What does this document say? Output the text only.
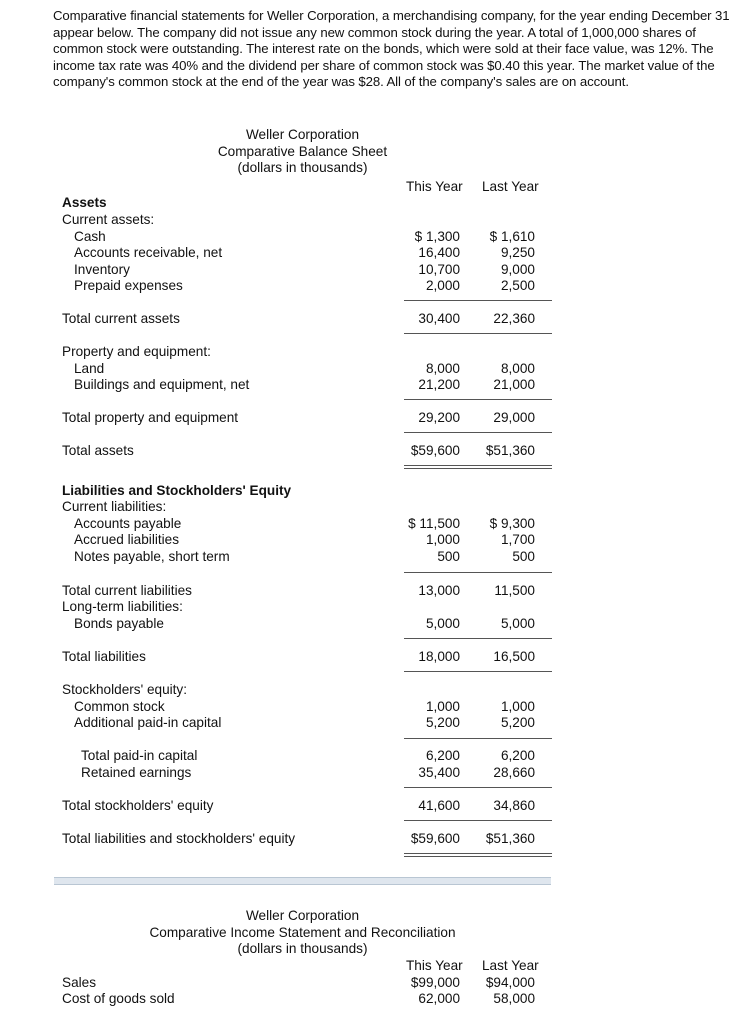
Comparative financial statements for Weller Corporation, a merchandising company, for the year ending December 31 appear below. The company did not issue any new common stock during the year. A total of 1,000,000 shares of common stock were outstanding. The interest rate on the bonds, which were sold at their face value, was 12%. The income tax rate was 40% and the dividend per share of common stock was $0.40 this year. The market value of the company's common stock at the end of the year was $28. All of the company's sales are on account.
Weller Corporation
Comparative Balance Sheet
(dollars in thousands)
This Year Last Year
Assets
Current assets:
Cash	$ 1,300	$ 1,610
Accounts receivable, net	16,400	9,250
Inventory	10,700	9,000
Prepaid expenses	2,000	2,500
Total current assets	30,400	22,360
Property and equipment:
Land	8,000	8,000
Buildings and equipment, net	21,200	21,000
Total property and equipment	29,200	29,000
Total assets	$59,600	$51,360
Liabilities and Stockholders' Equity
Current liabilities:
Accounts payable	$ 11,500	$ 9,300
Accrued liabilities	1,000	1,700
Notes payable, short term	500	500
Total current liabilities	13,000	11,500
Long-term liabilities:
Bonds payable	5,000	5,000
Total liabilities	18,000	16,500
Stockholders' equity:
Common stock	1,000	1,000
Additional paid-in capital	5,200	5,200
Total paid-in capital	6,200	6,200
Retained earnings	35,400	28,660
Total stockholders' equity	41,600	34,860
Total liabilities and stockholders' equity	$59,600	$51,360
Weller Corporation
Comparative Income Statement and Reconciliation
(dollars in thousands)
This Year Last Year
Sales	$99,000	$94,000
Cost of goods sold	62,000	58,000
